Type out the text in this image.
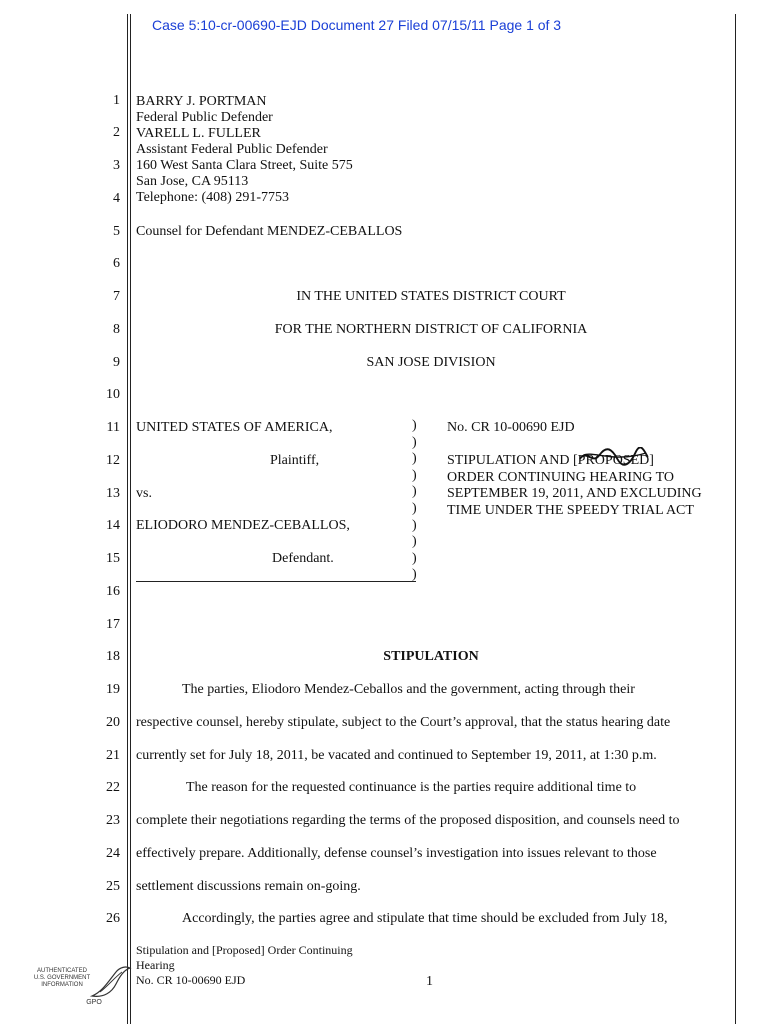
Case 5:10-cr-00690-EJD Document 27 Filed 07/15/11 Page 1 of 3
1
2
3
4
5
6
7
8
9
10
11
12
13
14
15
16
17
18
19
20
21
22
23
24
25
26
BARRY J. PORTMAN
Federal Public Defender
VARELL L. FULLER
Assistant Federal Public Defender
160 West Santa Clara Street, Suite 575
San Jose, CA 95113
Telephone: (408) 291-7753
Counsel for Defendant MENDEZ-CEBALLOS
IN THE UNITED STATES DISTRICT COURT
FOR THE NORTHERN DISTRICT OF CALIFORNIA
SAN JOSE DIVISION
UNITED STATES OF AMERICA,
Plaintiff,
vs.
ELIODORO MENDEZ-CEBALLOS,
Defendant.
)
)
)
)
)
)
)
)
)
)
No. CR 10-00690 EJD
STIPULATION AND [PROPOSED
]
ORDER CONTINUING HEARING TO
SEPTEMBER 19, 2011, AND EXCLUDING
TIME UNDER THE SPEEDY TRIAL ACT
STIPULATION
The parties, Eliodoro Mendez-Ceballos and the government, acting through their
respective counsel, hereby stipulate, subject to the Court’s approval, that the status hearing date
currently set for July 18, 2011, be vacated and continued to September 19, 2011, at 1:30 p.m.
The reason for the requested continuance is the parties require additional time to
complete their negotiations regarding the terms of the proposed disposition, and counsels need to
effectively prepare. Additionally, defense counsel’s investigation into issues relevant to those
settlement discussions remain on-going.
Accordingly, the parties agree and stipulate that time should be excluded from July 18,
Stipulation and [Proposed] Order Continuing
Hearing
No. CR 10-00690 EJD	1
AUTHENTICATED
U.S. GOVERNMENT
INFORMATION
GPO
